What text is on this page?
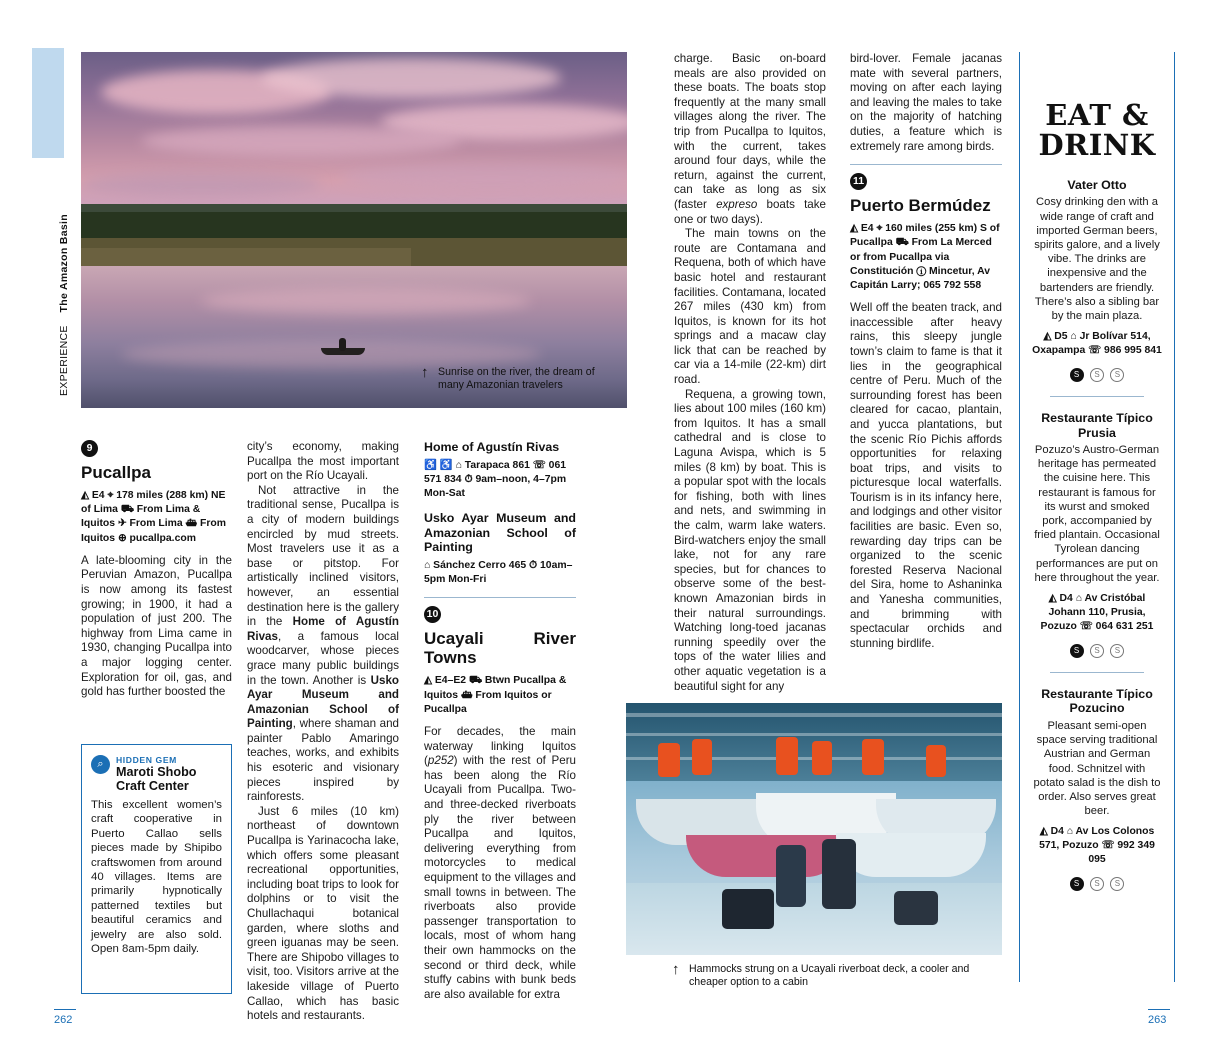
EXPERIENCE    The Amazon Basin
↑ Sunrise on the river, the dream of many Amazonian travelers
9
Pucallpa
◭ E4 ⌖ 178 miles (288 km) NE of Lima ⛟ From Lima & Iquitos ✈ From Lima ⛴ From Iquitos ⊕ pucallpa.com

A late-blooming city in the Peruvian Amazon, Pucallpa is now among its fastest growing; in 1900, it had a population of just 200. The highway from Lima came in 1930, changing Pucallpa into a major logging center. Exploration for oil, gas, and gold has further boosted the

⌕	HIDDEN GEM
Maroti Shobo Craft Center
This excellent women’s craft cooperative in Puerto Callao sells pieces made by Shipibo craftswomen from around 40 villages. Items are primarily hypnotically patterned textiles but beautiful ceramics and jewelry are also sold. Open 8am-5pm daily.

city’s economy, making Pucallpa the most important port on the Río Ucayali.

Not attractive in the traditional sense, Pucallpa is a city of modern buildings encircled by mud streets. Most travelers use it as a base or pitstop. For artistically inclined visitors, however, an essential destination here is the gallery in the Home of Agustín Rivas, a famous local woodcarver, whose pieces grace many public buildings in the town. Another is Usko Ayar Museum and Amazonian School of Painting, where shaman and painter Pablo Amaringo teaches, works, and exhibits his esoteric and visionary pieces inspired by rainforests.

Just 6 miles (10 km) northeast of downtown Pucallpa is Yarinacocha lake, which offers some pleasant recreational opportunities, including boat trips to look for dolphins or to visit the Chullachaqui botanical garden, where sloths and green iguanas may be seen. There are Shipobo villages to visit, too. Visitors arrive at the lakeside village of Puerto Callao, which has basic hotels and restaurants.

Home of Agustín Rivas
♿ ♿ ⌂ Tarapaca 861 ☏ 061 571 834 ⏱ 9am–noon, 4–7pm Mon-Sat
Usko Ayar Museum and Amazonian School of Painting
⌂ Sánchez Cerro 465 ⏱ 10am–5pm Mon-Fri
10
Ucayali River Towns
◭ E4–E2 ⛟ Btwn Pucallpa & Iquitos ⛴ From Iquitos or Pucallpa

For decades, the main waterway linking Iquitos (p252) with the rest of Peru has been along the Río Ucayali from Pucallpa. Two- and three-decked riverboats ply the river between Pucallpa and Iquitos, delivering everything from motorcycles to medical equipment to the villages and small towns in between. The riverboats also provide passenger transportation to locals, most of whom hang their own hammocks on the second or third deck, while stuffy cabins with bunk beds are also available for extra

charge. Basic on-board meals are also provided on these boats. The boats stop frequently at the many small villages along the river. The trip from Pucallpa to Iquitos, with the current, takes around four days, while the return, against the current, can take as long as six (faster expreso boats take one or two days).

The main towns on the route are Contamana and Requena, both of which have basic hotel and restaurant facilities. Contamana, located 267 miles (430 km) from Iquitos, is known for its hot springs and a macaw clay lick that can be reached by car via a 14-mile (22-km) dirt road.

Requena, a growing town, lies about 100 miles (160 km) from Iquitos. It has a small cathedral and is close to Laguna Avispa, which is 5 miles (8 km) by boat. This is a popular spot with the locals for fishing, both with lines and nets, and swimming in the calm, warm lake waters. Bird-watchers enjoy the small lake, not for any rare species, but for chances to observe some of the best-known Amazonian birds in their natural surroundings. Watching long-toed jacanas running speedily over the tops of the water lilies and other aquatic vegetation is a beautiful sight for any

bird-lover. Female jacanas mate with several partners, moving on after each laying and leaving the males to take on the majority of hatching duties, a feature which is extremely rare among birds.

11
Puerto Bermúdez
◭ E4 ⌖ 160 miles (255 km) S of Pucallpa ⛟ From La Merced or from Pucallpa via Constitución ⓘ Mincetur, Av Capitán Larry; 065 792 558

Well off the beaten track, and inaccessible after heavy rains, this sleepy jungle town’s claim to fame is that it lies in the geographical centre of Peru. Much of the surrounding forest has been cleared for cacao, plantain, and yucca plantations, but the scenic Río Pichis affords opportunities for relaxing boat trips, and visits to picturesque local waterfalls. Tourism is in its infancy here, and lodgings and other visitor facilities are basic. Even so, rewarding day trips can be organized to the scenic forested Reserva Nacional del Sira, home to Ashaninka and Yanesha communities, and brimming with spectacular orchids and stunning birdlife.

↑ Hammocks strung on a Ucayali riverboat deck, a cooler and cheaper option to a cabin
EAT &
DRINK
Vater Otto
Cosy drinking den with a wide range of craft and imported German beers, spirits galore, and a lively vibe. The drinks are inexpensive and the bartenders are friendly. There’s also a sibling bar by the main plaza.
◭ D5 ⌂ Jr Bolívar 514, Oxapampa ☏ 986 995 841
S S S
Restaurante Típico Prusia
Pozuzo’s Austro-German heritage has permeated the cuisine here. This restaurant is famous for its wurst and smoked pork, accompanied by fried plantain. Occasional Tyrolean dancing performances are put on here throughout the year.
◭ D4 ⌂ Av Cristóbal Johann 110, Prusia, Pozuzo ☏ 064 631 251
S S S
Restaurante Típico Pozucino
Pleasant semi-open space serving traditional Austrian and German food. Schnitzel with potato salad is the dish to order. Also serves great beer.
◭ D4 ⌂ Av Los Colonos 571, Pozuzo ☏ 992 349 095
S S S
262	263
